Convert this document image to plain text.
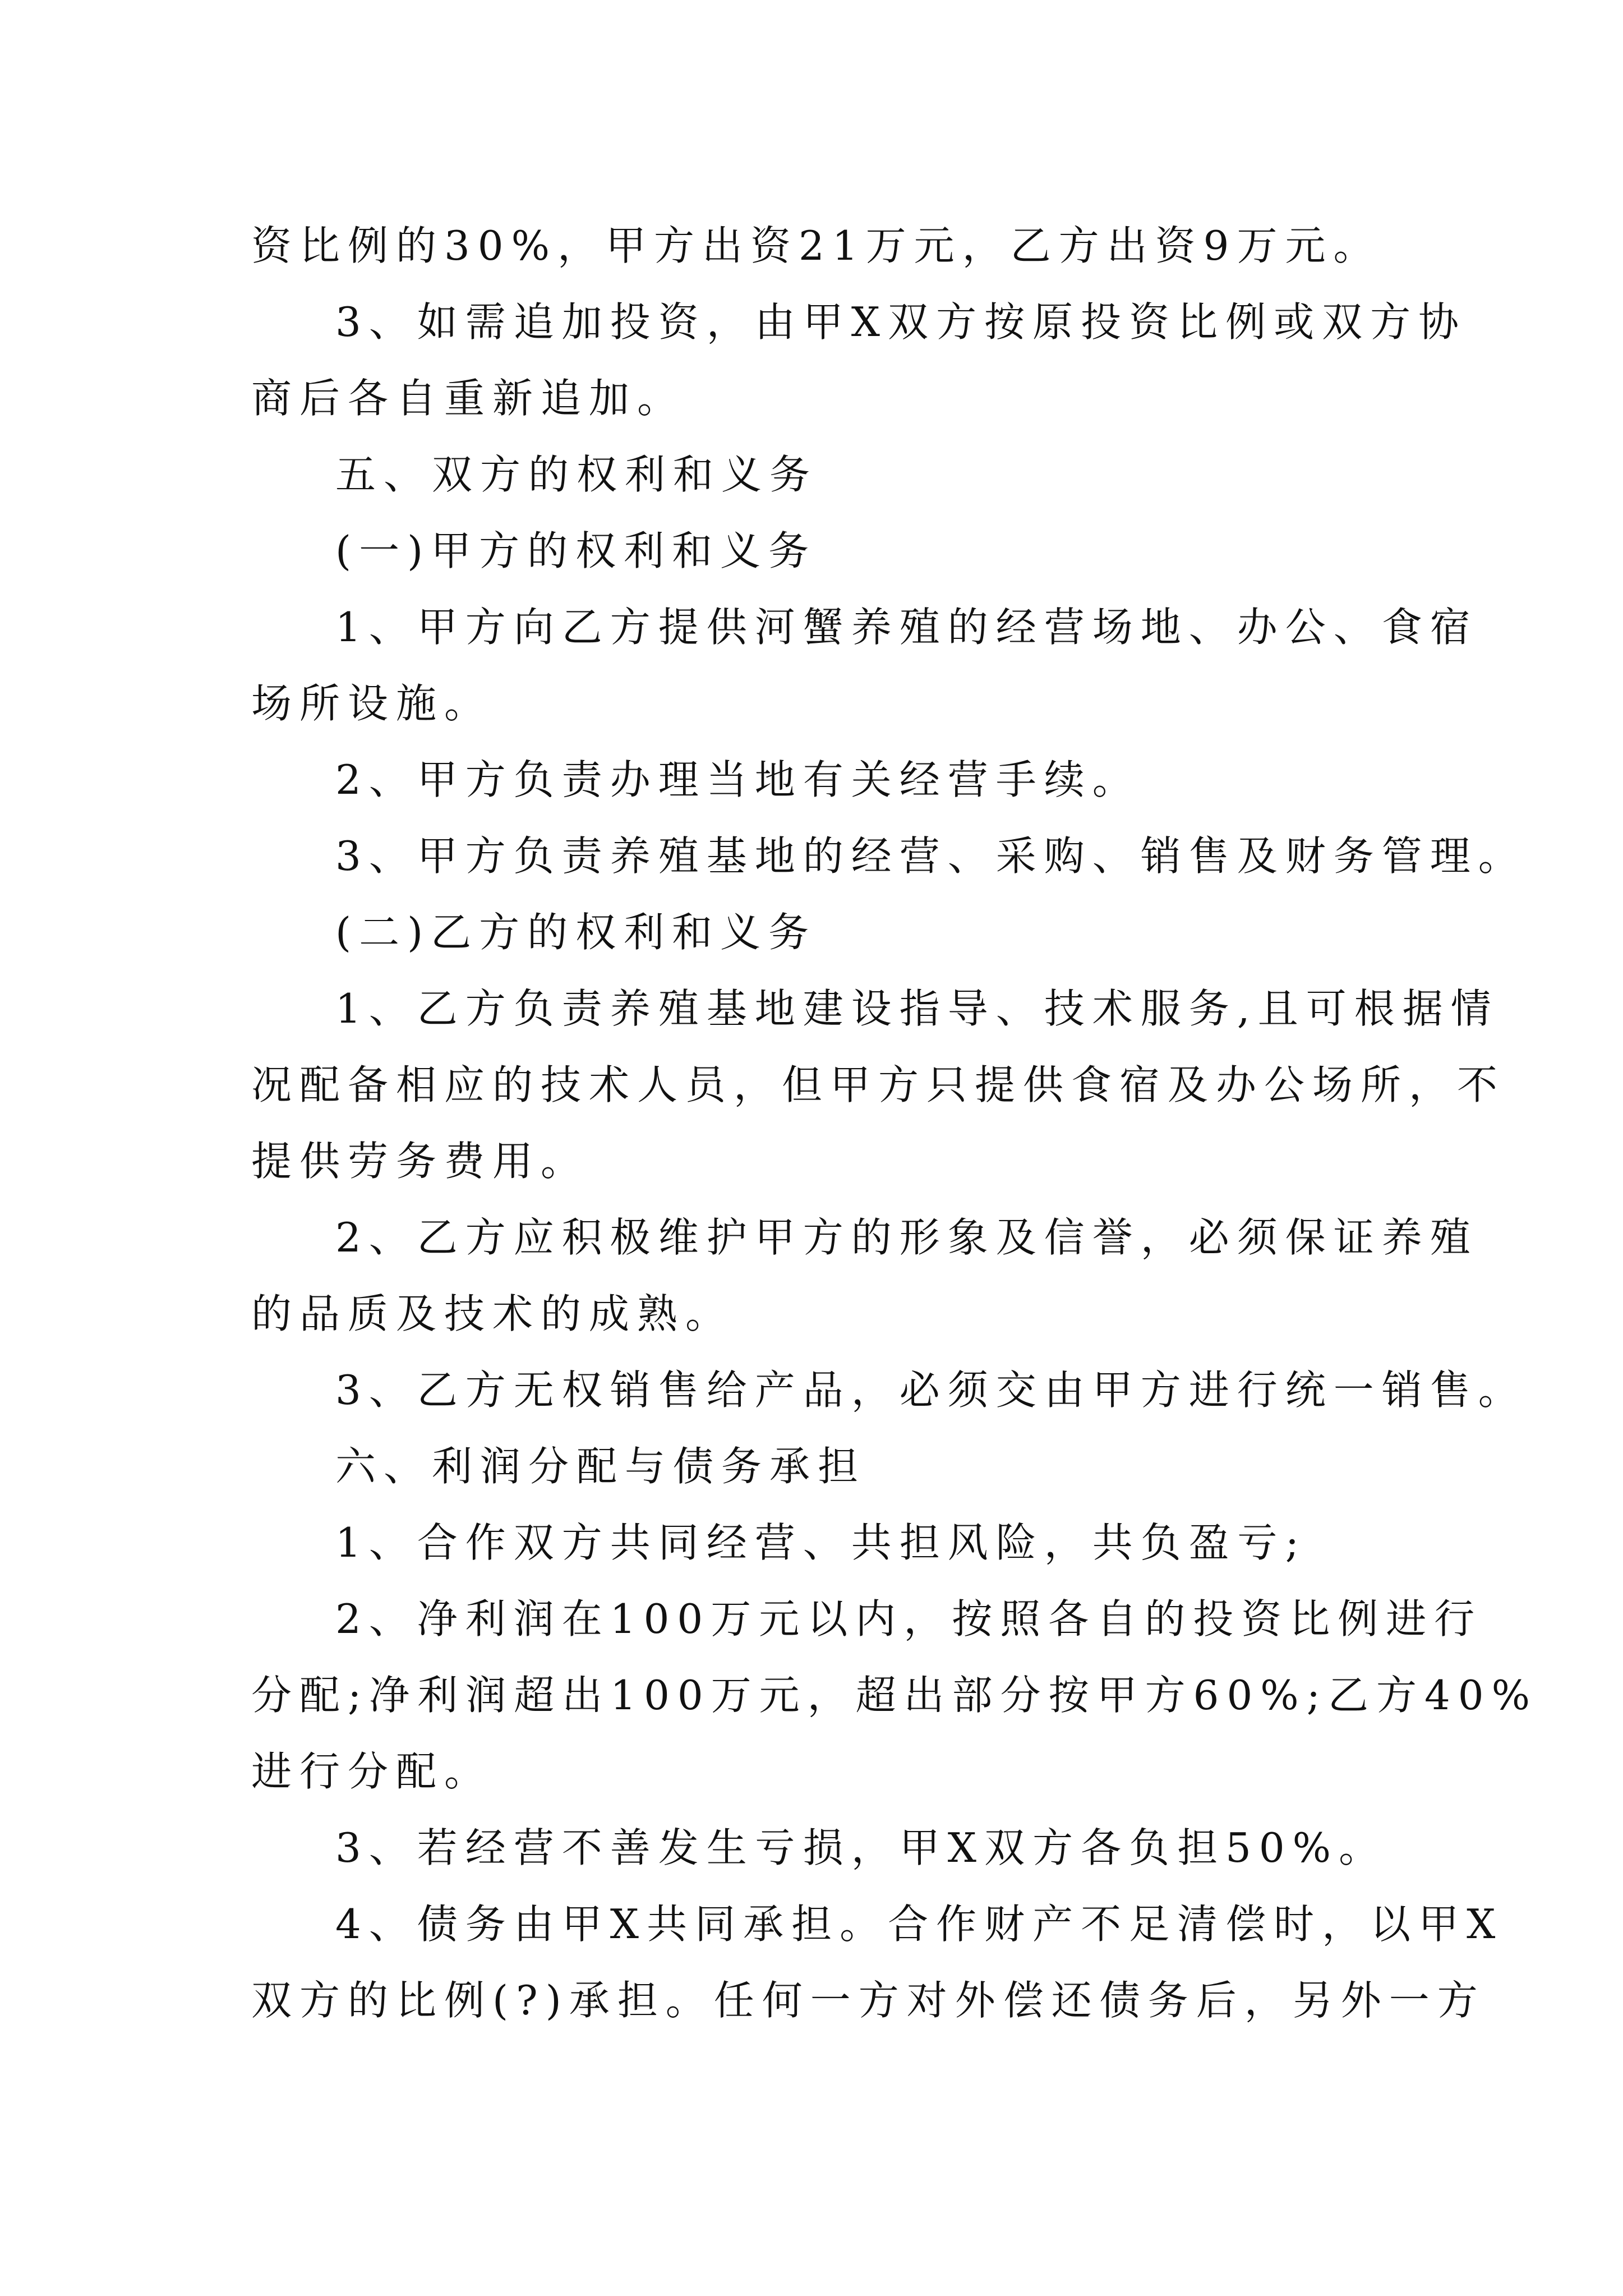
资比例的30%，甲方出资21万元，乙方出资9万元。
3、如需追加投资，由甲X双方按原投资比例或双方协
商后各自重新追加。
五、双方的权利和义务
(一)甲方的权利和义务
1、甲方向乙方提供河蟹养殖的经营场地、办公、食宿
场所设施。
2、甲方负责办理当地有关经营手续。
3、甲方负责养殖基地的经营、采购、销售及财务管理。
(二)乙方的权利和义务
1、乙方负责养殖基地建设指导、技术服务,且可根据情
况配备相应的技术人员，但甲方只提供食宿及办公场所，不
提供劳务费用。
2、乙方应积极维护甲方的形象及信誉，必须保证养殖
的品质及技术的成熟。
3、乙方无权销售给产品，必须交由甲方进行统一销售。
六、利润分配与债务承担
1、合作双方共同经营、共担风险，共负盈亏;
2、净利润在100万元以内，按照各自的投资比例进行
分配;净利润超出100万元，超出部分按甲方60%;乙方40%
进行分配。
3、若经营不善发生亏损，甲X双方各负担50%。
4、债务由甲X共同承担。合作财产不足清偿时，以甲X
双方的比例(?)承担。任何一方对外偿还债务后，另外一方
